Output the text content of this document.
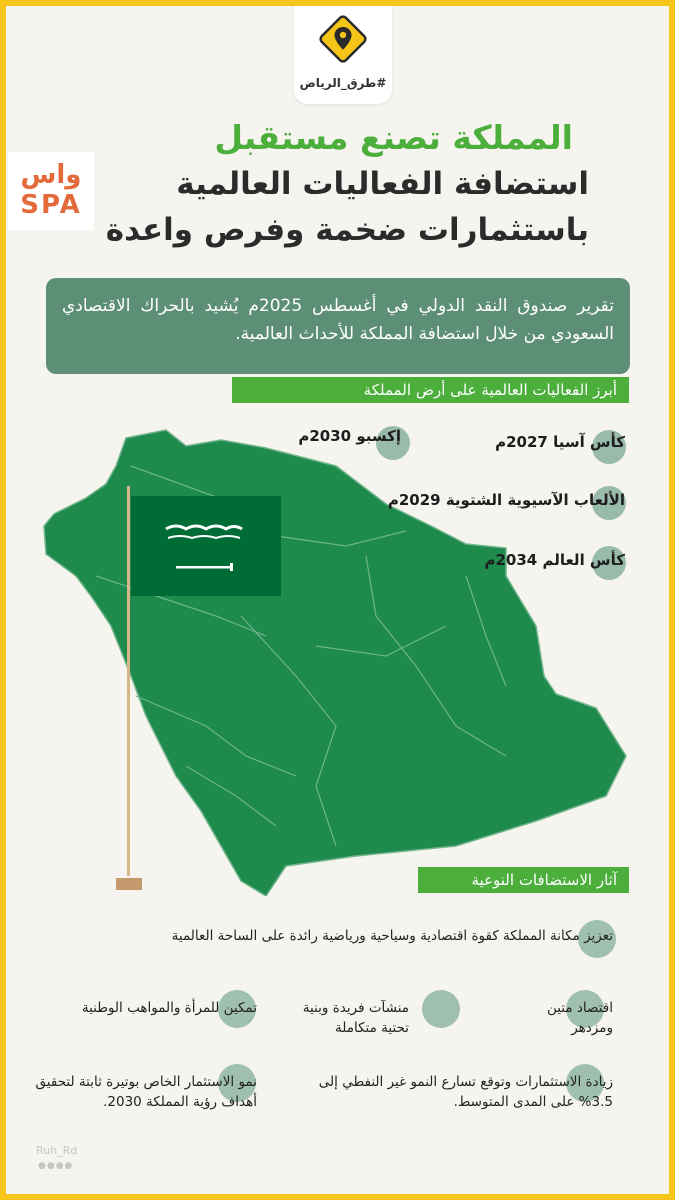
#طرق_الرياض
واس
SPA
المملكة تصنع مستقبل
استضافة الفعاليات العالمية
باستثمارات ضخمة وفرص واعدة
تقرير صندوق النقد الدولي في أغسطس 2025م يُشيد بالحراك الاقتصادي السعودي من خلال استضافة المملكة للأحداث العالمية.
أبرز الفعاليات العالمية على أرض المملكة
كأس آسيا 2027م
إكسبو 2030م
الألعاب الآسيوية الشتوية 2029م
كأس العالم 2034م
آثار الاستضافات النوعية
تعزيز مكانة المملكة كقوة اقتصادية وسياحية ورياضية رائدة على الساحة العالمية
اقتصاد متين ومزدهر
منشآت فريدة وبنية تحتية متكاملة
تمكين للمرأة والمواهب الوطنية
زيادة الاستثمارات وتوقع تسارع النمو غير النفطي إلى 3.5% على المدى المتوسط.
نمو الاستثمار الخاص بوتيرة ثابتة لتحقيق أهداف رؤية المملكة 2030.
Ruh_Rd
●●●●
